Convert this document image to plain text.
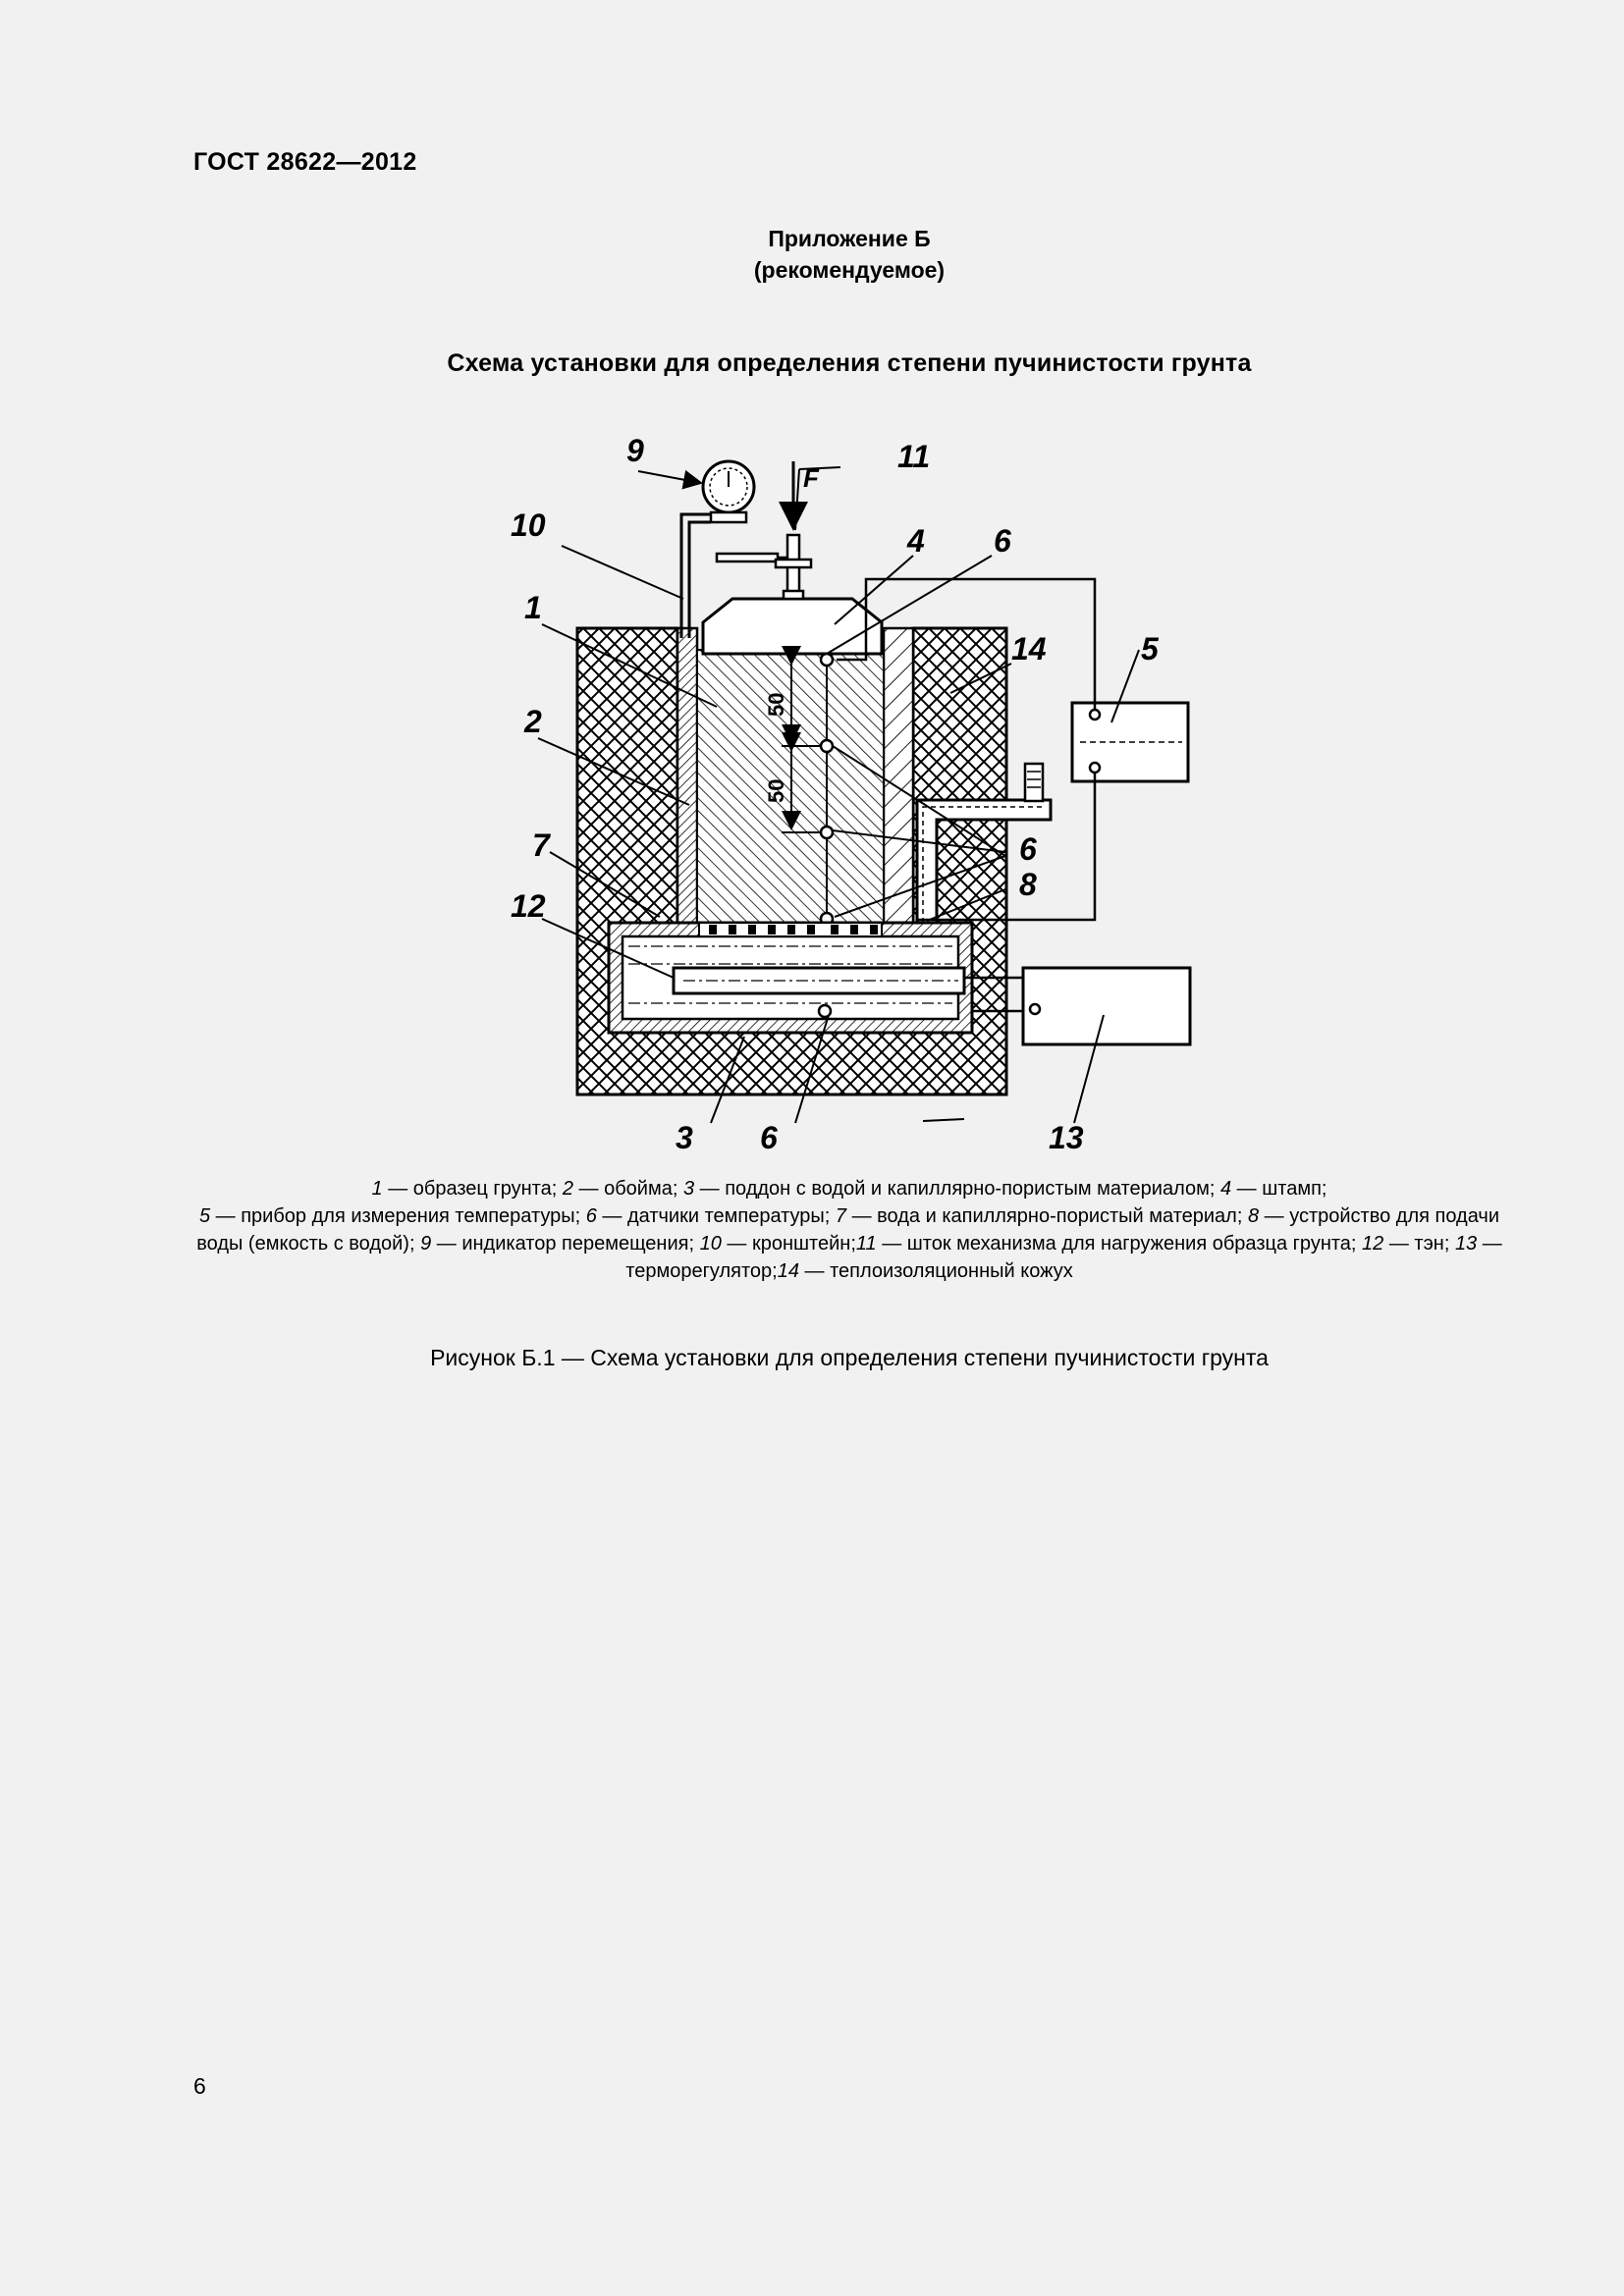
ГОСТ 28622—2012
Приложение Б
(рекомендуемое)
Схема установки для определения степени пучинистости грунта
F
50
50
9	11
10	4 6
1
14	5
2
6
7
8
12
3 6	13
1 — образец грунта; 2 — обойма; 3 — поддон с водой и капиллярно-пористым материалом; 4 — штамп;
5 — прибор для измерения температуры; 6 — датчики температуры; 7 — вода и капиллярно-пористый материал; 8 — устройство для подачи воды (емкость с водой); 9 — индикатор перемещения; 10 — кронштейн;11 — шток механизма для нагружения образца грунта; 12 — тэн; 13 — терморегулятор;14 — теплоизоляционный кожух
Рисунок Б.1 — Схема установки для определения степени пучинистости грунта
6
